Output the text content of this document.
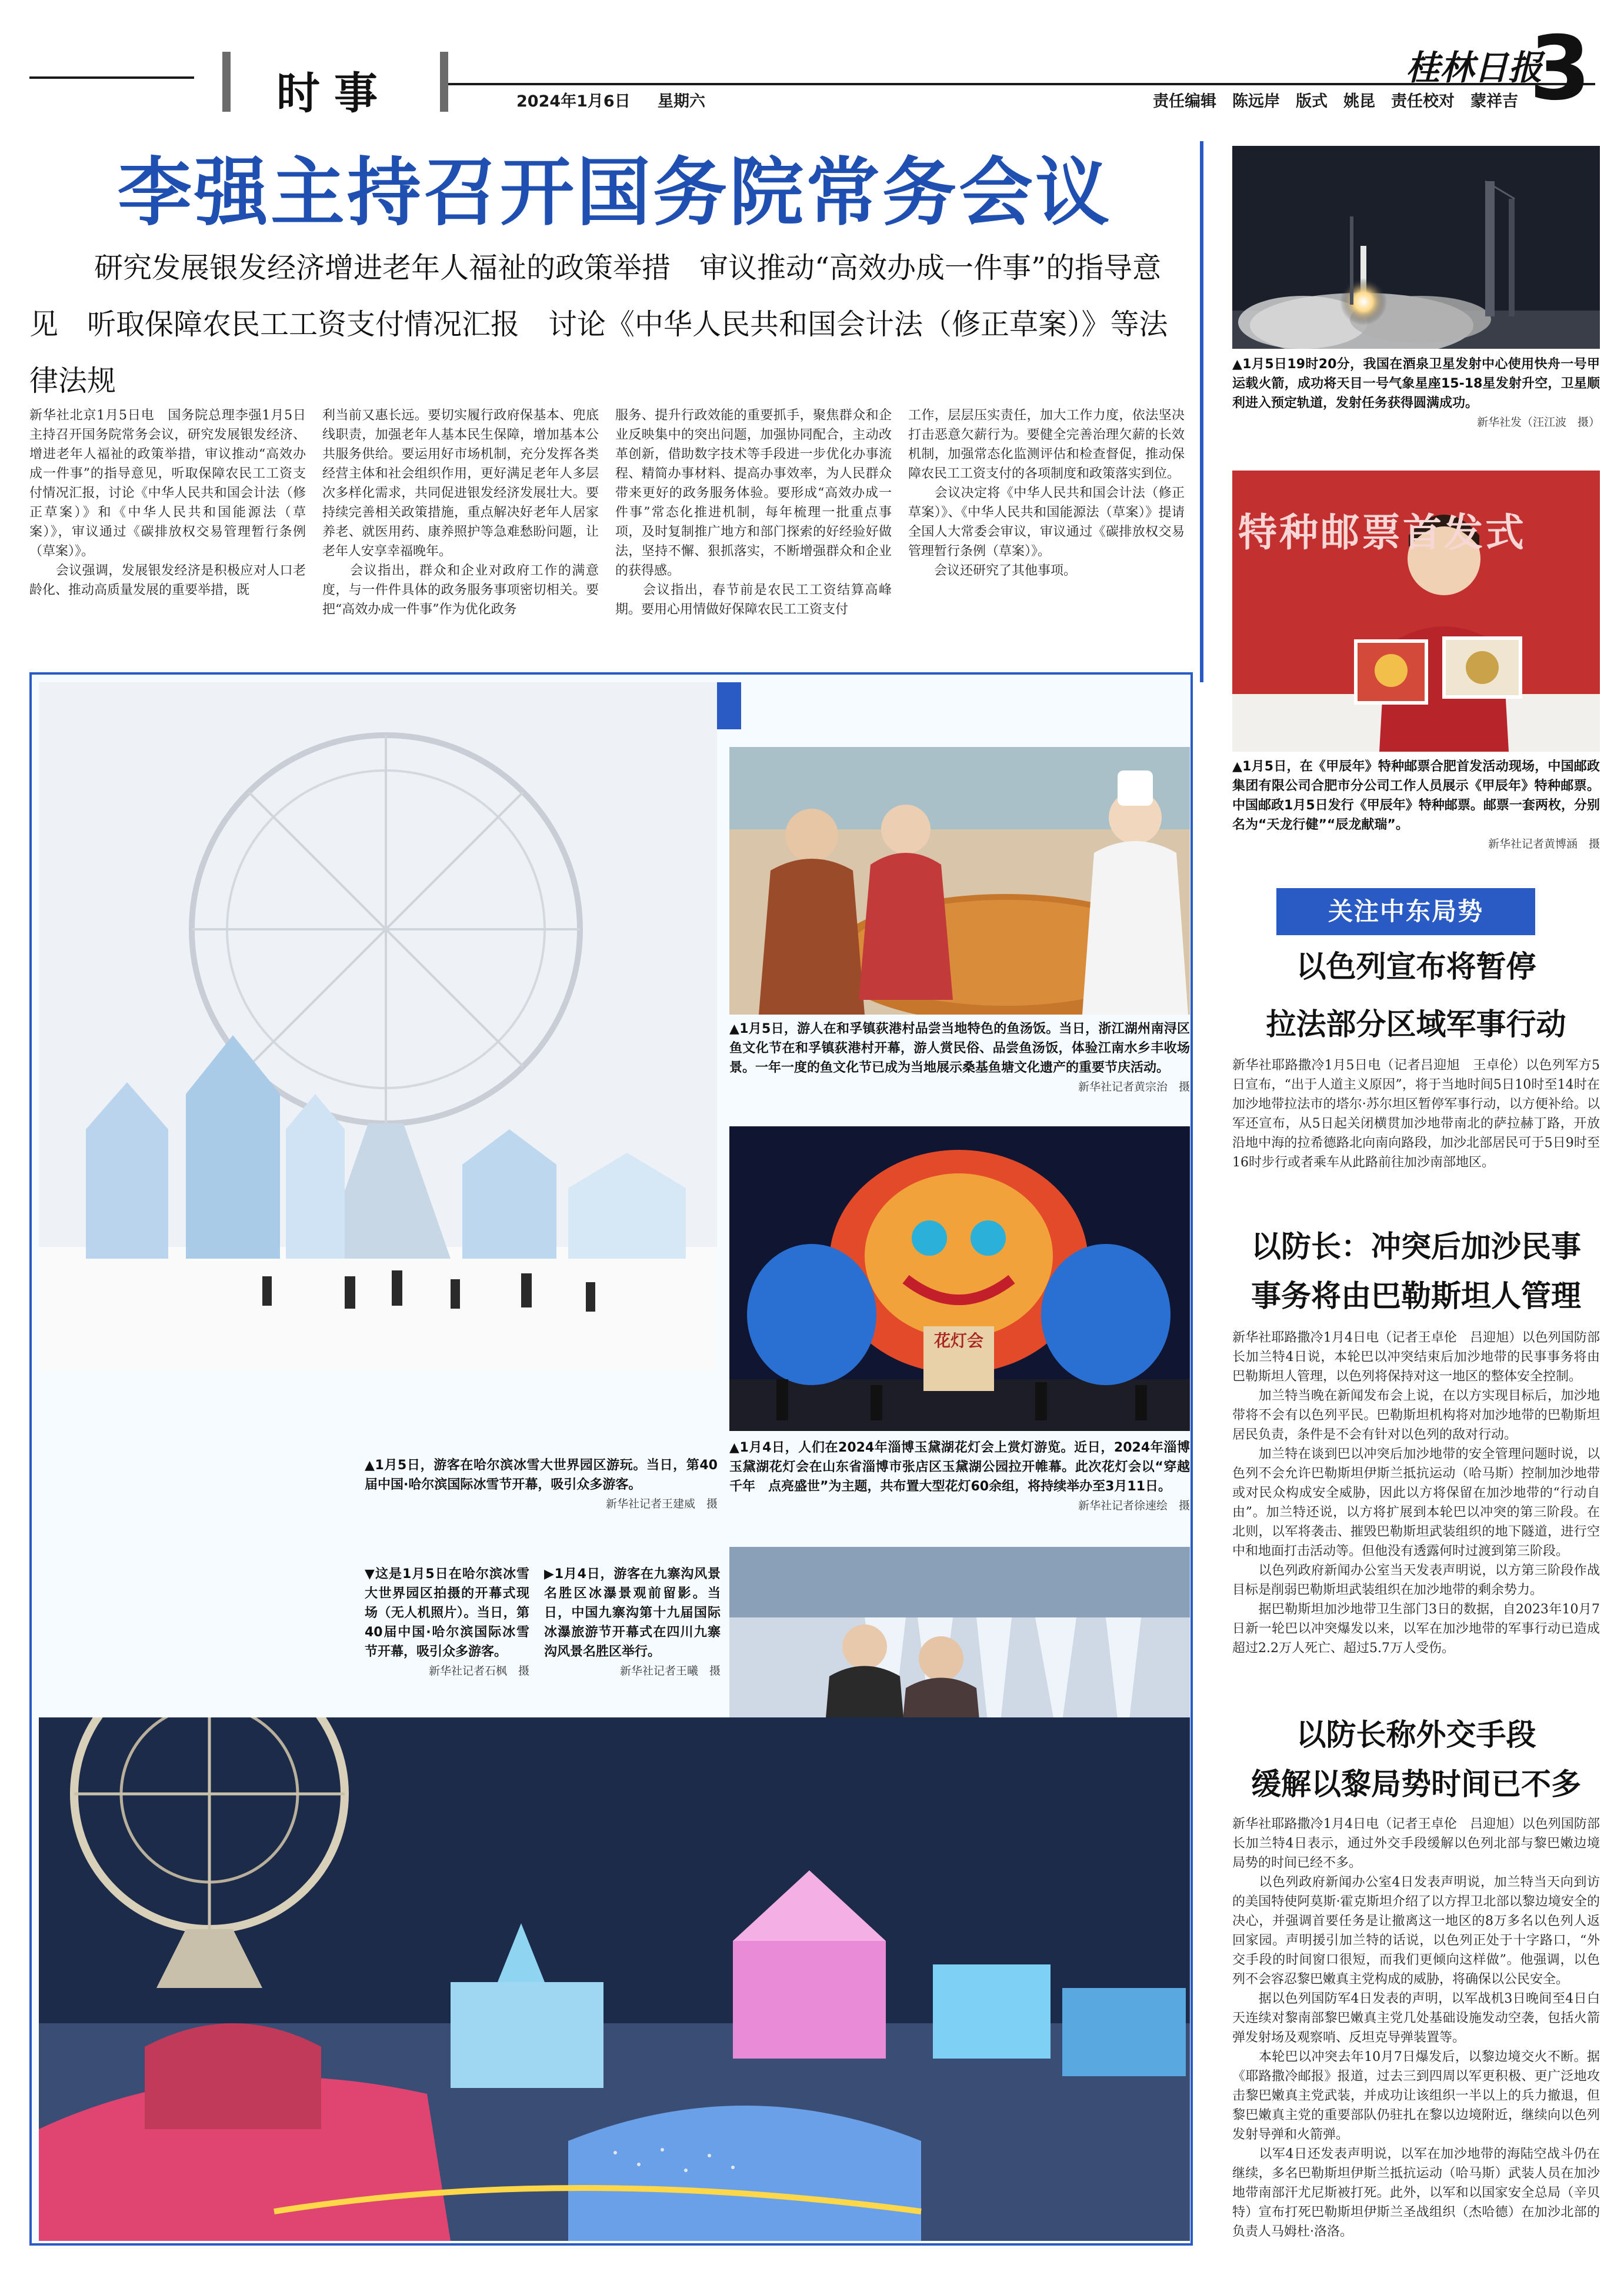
时事	2024年1月6日 星期六
桂林日报
3
责任编辑　陈远岸　版式　姚昆　责任校对　蒙祥吉
李强主持召开国务院常务会议
研究发展银发经济增进老年人福祉的政策举措　审议推动“高效办成一件事”的指导意见　听取保障农民工工资支付情况汇报　讨论《中华人民共和国会计法（修正草案）》等法律法规
新华社北京1月5日电　国务院总理李强1月5日主持召开国务院常务会议，研究发展银发经济、增进老年人福祉的政策举措，审议推动“高效办成一件事”的指导意见，听取保障农民工工资支付情况汇报，讨论《中华人民共和国会计法（修正草案）》和《中华人民共和国能源法（草案）》，审议通过《碳排放权交易管理暂行条例（草案）》。
　　会议强调，发展银发经济是积极应对人口老龄化、推动高质量发展的重要举措，既
利当前又惠长远。要切实履行政府保基本、兜底线职责，加强老年人基本民生保障，增加基本公共服务供给。要运用好市场机制，充分发挥各类经营主体和社会组织作用，更好满足老年人多层次多样化需求，共同促进银发经济发展壮大。要持续完善相关政策措施，重点解决好老年人居家养老、就医用药、康养照护等急难愁盼问题，让老年人安享幸福晚年。
　　会议指出，群众和企业对政府工作的满意度，与一件件具体的政务服务事项密切相关。要把“高效办成一件事”作为优化政务
服务、提升行政效能的重要抓手，聚焦群众和企业反映集中的突出问题，加强协同配合，主动改革创新，借助数字技术等手段进一步优化办事流程、精简办事材料、提高办事效率，为人民群众带来更好的政务服务体验。要形成“高效办成一件事”常态化推进机制，每年梳理一批重点事项，及时复制推广地方和部门探索的好经验好做法，坚持不懈、狠抓落实，不断增强群众和企业的获得感。
　　会议指出，春节前是农民工工资结算高峰期。要用心用情做好保障农民工工资支付
工作，层层压实责任，加大工作力度，依法坚决打击恶意欠薪行为。要健全完善治理欠薪的长效机制，加强常态化监测评估和检查督促，推动保障农民工工资支付的各项制度和政策落实到位。
　　会议决定将《中华人民共和国会计法（修正草案）》、《中华人民共和国能源法（草案）》提请全国人大常委会审议，审议通过《碳排放权交易管理暂行条例（草案）》。
　　会议还研究了其他事项。
▲1月5日19时20分，我国在酒泉卫星发射中心使用快舟一号甲运载火箭，成功将天目一号气象星座15-18星发射升空，卫星顺利进入预定轨道，发射任务获得圆满成功。
新华社发（汪江波　摄）
特种邮票首发式
▲1月5日，在《甲辰年》特种邮票合肥首发活动现场，中国邮政集团有限公司合肥市分公司工作人员展示《甲辰年》特种邮票。中国邮政1月5日发行《甲辰年》特种邮票。邮票一套两枚，分别名为“天龙行健”“辰龙献瑞”。
新华社记者黄博涵　摄
▲1月5日，游客在哈尔滨冰雪大世界园区游玩。当日，第40届中国·哈尔滨国际冰雪节开幕，吸引众多游客。
新华社记者王建威　摄
▲1月5日，游人在和孚镇荻港村品尝当地特色的鱼汤饭。当日，浙江湖州南浔区鱼文化节在和孚镇荻港村开幕，游人赏民俗、品尝鱼汤饭，体验江南水乡丰收场景。一年一度的鱼文化节已成为当地展示桑基鱼塘文化遗产的重要节庆活动。
新华社记者黄宗治　摄
花灯会
▲1月4日，人们在2024年淄博玉黛湖花灯会上赏灯游览。近日，2024年淄博玉黛湖花灯会在山东省淄博市张店区玉黛湖公园拉开帷幕。此次花灯会以“穿越千年　点亮盛世”为主题，共布置大型花灯60余组，将持续举办至3月11日。
新华社记者徐速绘　摄
▼这是1月5日在哈尔滨冰雪大世界园区拍摄的开幕式现场（无人机照片）。当日，第40届中国·哈尔滨国际冰雪节开幕，吸引众多游客。
新华社记者石枫　摄
▶1月4日，游客在九寨沟风景名胜区冰瀑景观前留影。当日，中国九寨沟第十九届国际冰瀑旅游节开幕式在四川九寨沟风景名胜区举行。
新华社记者王曦　摄
关注中东局势
以色列宣布将暂停
拉法部分区域军事行动
新华社耶路撒冷1月5日电（记者吕迎旭　王卓伦）以色列军方5日宣布，“出于人道主义原因”，将于当地时间5日10时至14时在加沙地带拉法市的塔尔·苏尔坦区暂停军事行动，以方便补给。以军还宣布，从5日起关闭横贯加沙地带南北的萨拉赫丁路，开放沿地中海的拉希德路北向南向路段，加沙北部居民可于5日9时至16时步行或者乘车从此路前往加沙南部地区。
以防长：冲突后加沙民事
事务将由巴勒斯坦人管理
新华社耶路撒冷1月4日电（记者王卓伦　吕迎旭）以色列国防部长加兰特4日说，本轮巴以冲突结束后加沙地带的民事事务将由巴勒斯坦人管理，以色列将保持对这一地区的整体安全控制。
　　加兰特当晚在新闻发布会上说，在以方实现目标后，加沙地带将不会有以色列平民。巴勒斯坦机构将对加沙地带的巴勒斯坦居民负责，条件是不会有针对以色列的敌对行动。
　　加兰特在谈到巴以冲突后加沙地带的安全管理问题时说，以色列不会允许巴勒斯坦伊斯兰抵抗运动（哈马斯）控制加沙地带或对民众构成安全威胁，因此以方将保留在加沙地带的“行动自由”。加兰特还说，以方将扩展到本轮巴以冲突的第三阶段。在北则，以军将袭击、摧毁巴勒斯坦武装组织的地下隧道，进行空中和地面打击活动等。但他没有透露何时过渡到第三阶段。
　　以色列政府新闻办公室当天发表声明说，以方第三阶段作战目标是削弱巴勒斯坦武装组织在加沙地带的剩余势力。
　　据巴勒斯坦加沙地带卫生部门3日的数据，自2023年10月7日新一轮巴以冲突爆发以来，以军在加沙地带的军事行动已造成超过2.2万人死亡、超过5.7万人受伤。
以防长称外交手段
缓解以黎局势时间已不多
新华社耶路撒冷1月4日电（记者王卓伦　吕迎旭）以色列国防部长加兰特4日表示，通过外交手段缓解以色列北部与黎巴嫩边境局势的时间已经不多。
　　以色列政府新闻办公室4日发表声明说，加兰特当天向到访的美国特使阿莫斯·霍克斯坦介绍了以方捍卫北部以黎边境安全的决心，并强调首要任务是让撤离这一地区的8万多名以色列人返回家园。声明援引加兰特的话说，以色列正处于十字路口，“外交手段的时间窗口很短，而我们更倾向这样做”。他强调，以色列不会容忍黎巴嫩真主党构成的威胁，将确保以公民安全。
　　据以色列国防军4日发表的声明，以军战机3日晚间至4日白天连续对黎南部黎巴嫩真主党几处基础设施发动空袭，包括火箭弹发射场及观察哨、反坦克导弹装置等。
　　本轮巴以冲突去年10月7日爆发后，以黎边境交火不断。据《耶路撒冷邮报》报道，过去三到四周以军更积极、更广泛地攻击黎巴嫩真主党武装，并成功让该组织一半以上的兵力撤退，但黎巴嫩真主党的重要部队仍驻扎在黎以边境附近，继续向以色列发射导弹和火箭弹。
　　以军4日还发表声明说，以军在加沙地带的海陆空战斗仍在继续，多名巴勒斯坦伊斯兰抵抗运动（哈马斯）武装人员在加沙地带南部汗尤尼斯被打死。此外，以军和以国家安全总局（辛贝特）宣布打死巴勒斯坦伊斯兰圣战组织（杰哈德）在加沙北部的负责人马姆杜·洛洛。
